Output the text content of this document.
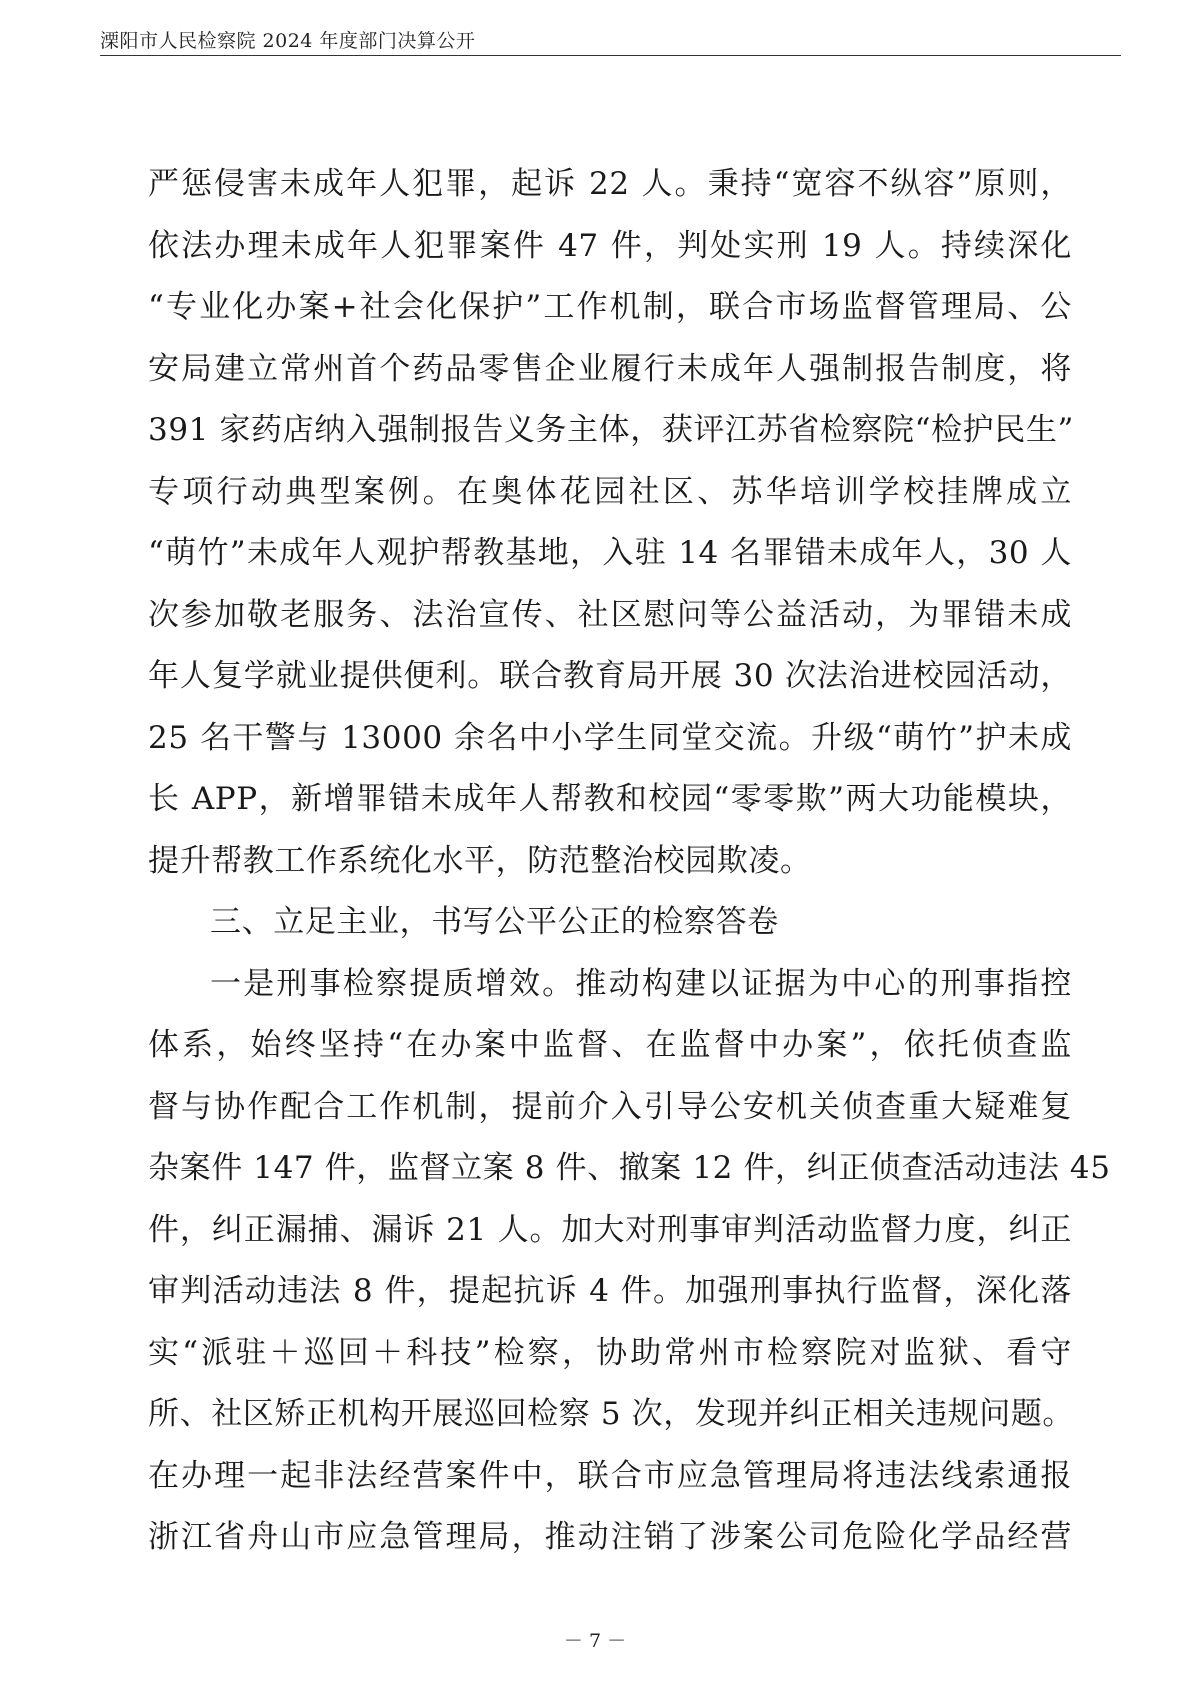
溧阳市人民检察院 2024 年度部门决算公开
严惩侵害未成年人犯罪，起诉 22 人。秉持“宽容不纵容”原则，
依法办理未成年人犯罪案件 47 件，判处实刑 19 人。持续深化
“专业化办案+社会化保护”工作机制，联合市场监督管理局、公
安局建立常州首个药品零售企业履行未成年人强制报告制度，将
391 家药店纳入强制报告义务主体，获评江苏省检察院“检护民生”
专项行动典型案例。在奥体花园社区、苏华培训学校挂牌成立
“萌竹”未成年人观护帮教基地，入驻 14 名罪错未成年人，30 人
次参加敬老服务、法治宣传、社区慰问等公益活动，为罪错未成
年人复学就业提供便利。联合教育局开展 30 次法治进校园活动，
25 名干警与 13000 余名中小学生同堂交流。升级“萌竹”护未成
长 APP，新增罪错未成年人帮教和校园“零零欺”两大功能模块，
提升帮教工作系统化水平，防范整治校园欺凌。
三、立足主业，书写公平公正的检察答卷
一是刑事检察提质增效。推动构建以证据为中心的刑事指控
体系，始终坚持“在办案中监督、在监督中办案”，依托侦查监
督与协作配合工作机制，提前介入引导公安机关侦查重大疑难复
杂案件 147 件，监督立案 8 件、撤案 12 件，纠正侦查活动违法 45
件，纠正漏捕、漏诉 21 人。加大对刑事审判活动监督力度，纠正
审判活动违法 8 件，提起抗诉 4 件。加强刑事执行监督，深化落
实“派驻＋巡回＋科技”检察，协助常州市检察院对监狱、看守
所、社区矫正机构开展巡回检察 5 次，发现并纠正相关违规问题。
在办理一起非法经营案件中，联合市应急管理局将违法线索通报
浙江省舟山市应急管理局，推动注销了涉案公司危险化学品经营
－ 7 －
